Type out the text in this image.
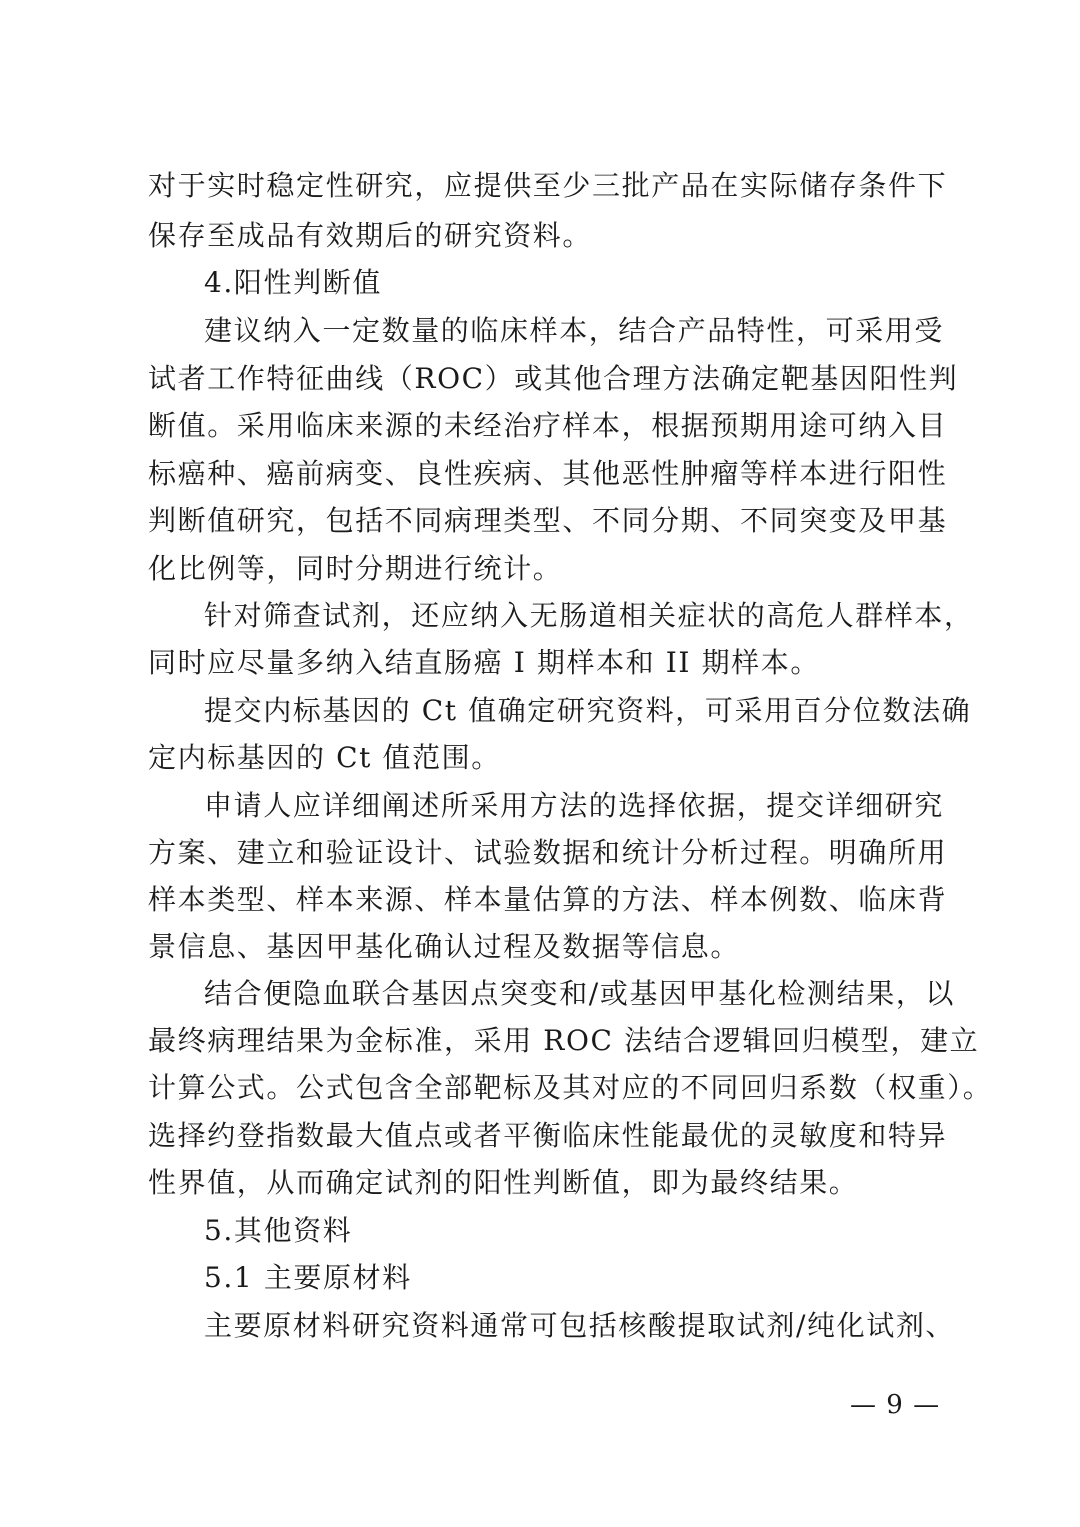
对于实时稳定性研究，应提供至少三批产品在实际储存条件下
保存至成品有效期后的研究资料。
4.阳性判断值
建议纳入一定数量的临床样本，结合产品特性，可采用受
试者工作特征曲线（ROC）或其他合理方法确定靶基因阳性判
断值。采用临床来源的未经治疗样本，根据预期用途可纳入目
标癌种、癌前病变、良性疾病、其他恶性肿瘤等样本进行阳性
判断值研究，包括不同病理类型、不同分期、不同突变及甲基
化比例等，同时分期进行统计。
针对筛查试剂，还应纳入无肠道相关症状的高危人群样本，
同时应尽量多纳入结直肠癌 I 期样本和 II 期样本。
提交内标基因的 Ct 值确定研究资料，可采用百分位数法确
定内标基因的 Ct 值范围。
申请人应详细阐述所采用方法的选择依据，提交详细研究
方案、建立和验证设计、试验数据和统计分析过程。明确所用
样本类型、样本来源、样本量估算的方法、样本例数、临床背
景信息、基因甲基化确认过程及数据等信息。
结合便隐血联合基因点突变和/或基因甲基化检测结果，以
最终病理结果为金标准，采用 ROC 法结合逻辑回归模型，建立
计算公式。公式包含全部靶标及其对应的不同回归系数（权重）。
选择约登指数最大值点或者平衡临床性能最优的灵敏度和特异
性界值，从而确定试剂的阳性判断值，即为最终结果。
5.其他资料
5.1 主要原材料
主要原材料研究资料通常可包括核酸提取试剂/纯化试剂、
— 9 —
